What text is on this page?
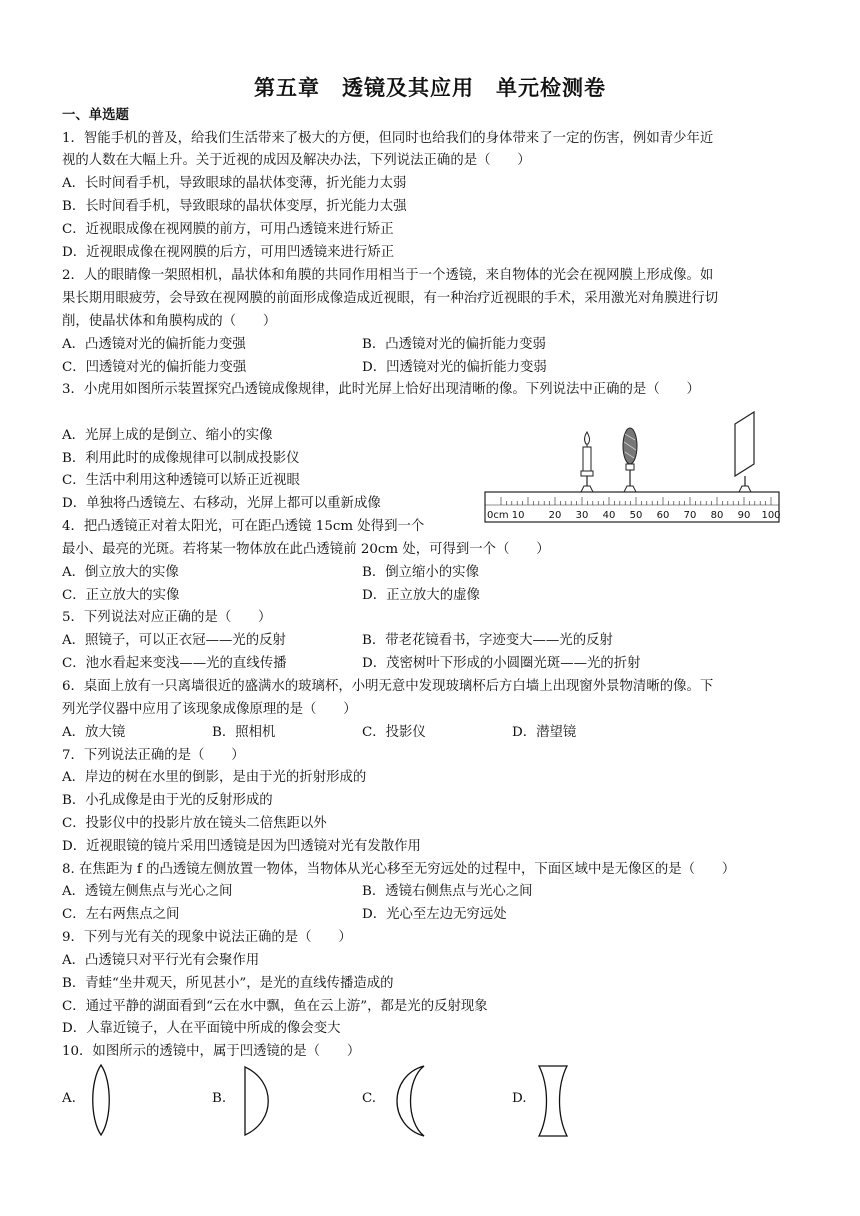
第五章　透镜及其应用　单元检测卷
一、单选题
1．智能手机的普及，给我们生活带来了极大的方便，但同时也给我们的身体带来了一定的伤害，例如青少年近
视的人数在大幅上升。关于近视的成因及解决办法，下列说法正确的是（　　）
A．长时间看手机，导致眼球的晶状体变薄，折光能力太弱
B．长时间看手机，导致眼球的晶状体变厚，折光能力太强
C．近视眼成像在视网膜的前方，可用凸透镜来进行矫正
D．近视眼成像在视网膜的后方，可用凹透镜来进行矫正
2．人的眼睛像一架照相机，晶状体和角膜的共同作用相当于一个透镜，来自物体的光会在视网膜上形成像。如
果长期用眼疲劳，会导致在视网膜的前面形成像造成近视眼，有一种治疗近视眼的手术，采用激光对角膜进行切
削，使晶状体和角膜构成的（　　）
A．凸透镜对光的偏折能力变强	B．凸透镜对光的偏折能力变弱
C．凹透镜对光的偏折能力变强	D．凹透镜对光的偏折能力变弱
3．小虎用如图所示装置探究凸透镜成像规律，此时光屏上恰好出现清晰的像。下列说法中正确的是（　　）
A．光屏上成的是倒立、缩小的实像
B．利用此时的成像规律可以制成投影仪
C．生活中利用这种透镜可以矫正近视眼
D．单独将凸透镜左、右移动，光屏上都可以重新成像
0cm 10 20 30 40 50 60 70 80 90 100
4．把凸透镜正对着太阳光，可在距凸透镜 15cm 处得到一个
最小、最亮的光斑。若将某一物体放在此凸透镜前 20cm 处，可得到一个（　　）
A．倒立放大的实像	B．倒立缩小的实像
C．正立放大的实像	D．正立放大的虚像
5．下列说法对应正确的是（　　）
A．照镜子，可以正衣冠——光的反射	B．带老花镜看书，字迹变大——光的反射
C．池水看起来变浅——光的直线传播	D．茂密树叶下形成的小圆圈光斑——光的折射
6．桌面上放有一只离墙很近的盛满水的玻璃杯，小明无意中发现玻璃杯后方白墙上出现窗外景物清晰的像。下
列光学仪器中应用了该现象成像原理的是（　　）
A．放大镜	B．照相机	C．投影仪	D．潜望镜
7．下列说法正确的是（　　）
A．岸边的树在水里的倒影，是由于光的折射形成的
B．小孔成像是由于光的反射形成的
C．投影仪中的投影片放在镜头二倍焦距以外
D．近视眼镜的镜片采用凹透镜是因为凹透镜对光有发散作用
8. 在焦距为 f 的凸透镜左侧放置一物体，当物体从光心移至无穷远处的过程中，下面区域中是无像区的是（　　）
A．透镜左侧焦点与光心之间	B．透镜右侧焦点与光心之间
C．左右两焦点之间	D．光心至左边无穷远处
9．下列与光有关的现象中说法正确的是（　　）
A．凸透镜只对平行光有会聚作用
B．青蛙“坐井观天，所见甚小”，是光的直线传播造成的
C．通过平静的湖面看到“云在水中飘，鱼在云上游”，都是光的反射现象
D．人靠近镜子，人在平面镜中所成的像会变大
10．如图所示的透镜中，属于凹透镜的是（　　）
A.	B.	C.	D.
